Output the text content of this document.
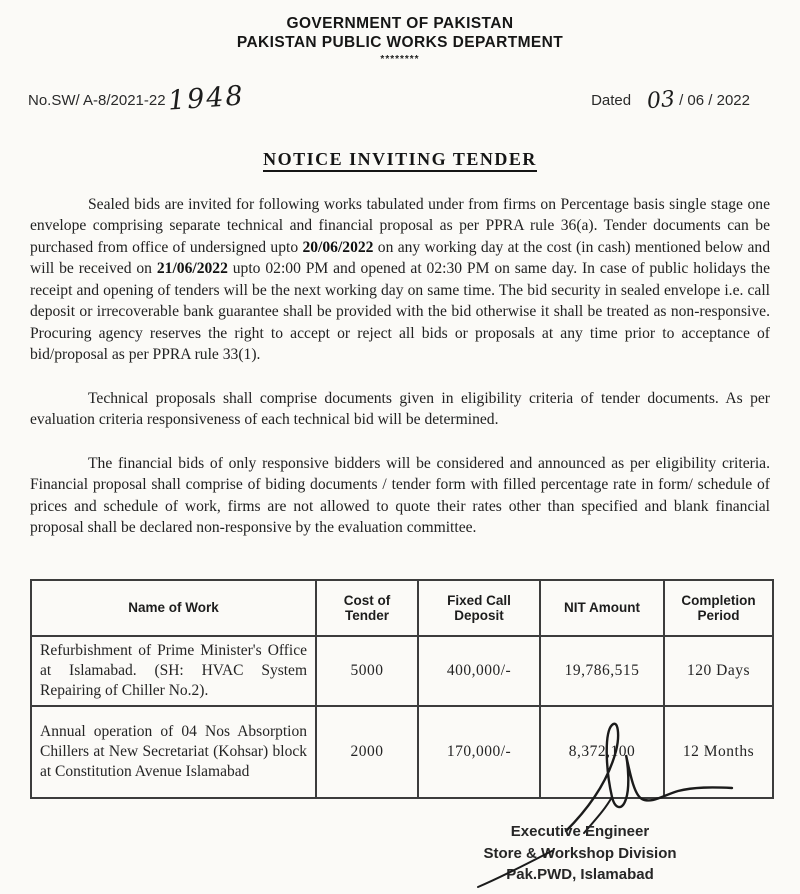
GOVERNMENT OF PAKISTAN
PAKISTAN PUBLIC WORKS DEPARTMENT
********
No.SW/ A-8/2021-22 1948	Dated 03 / 06 / 2022
NOTICE INVITING TENDER

Sealed bids are invited for following works tabulated under from firms on Percentage basis single stage one envelope comprising separate technical and financial proposal as per PPRA rule 36(a). Tender documents can be purchased from office of undersigned upto 20/06/2022 on any working day at the cost (in cash) mentioned below and will be received on 21/06/2022 upto 02:00 PM and opened at 02:30 PM on same day. In case of public holidays the receipt and opening of tenders will be the next working day on same time. The bid security in sealed envelope i.e. call deposit or irrecoverable bank guarantee shall be provided with the bid otherwise it shall be treated as non-responsive. Procuring agency reserves the right to accept or reject all bids or proposals at any time prior to acceptance of bid/proposal as per PPRA rule 33(1).

Technical proposals shall comprise documents given in eligibility criteria of tender documents. As per evaluation criteria responsiveness of each technical bid will be determined.

The financial bids of only responsive bidders will be considered and announced as per eligibility criteria. Financial proposal shall comprise of biding documents / tender form with filled percentage rate in form/ schedule of prices and schedule of work, firms are not allowed to quote their rates other than specified and blank financial proposal shall be declared non-responsive by the evaluation committee.

Name of Work	Cost of Tender	Fixed Call Deposit	NIT Amount	Completion Period
Refurbishment of Prime Minister's Office at Islamabad. (SH: HVAC System Repairing of Chiller No.2).	5000	400,000/-	19,786,515	120 Days
Annual operation of 04 Nos Absorption Chillers at New Secretariat (Kohsar) block at Constitution Avenue Islamabad	2000	170,000/-	8,372,100	12 Months
Executive Engineer
Store & Workshop Division
Pak.PWD, Islamabad
